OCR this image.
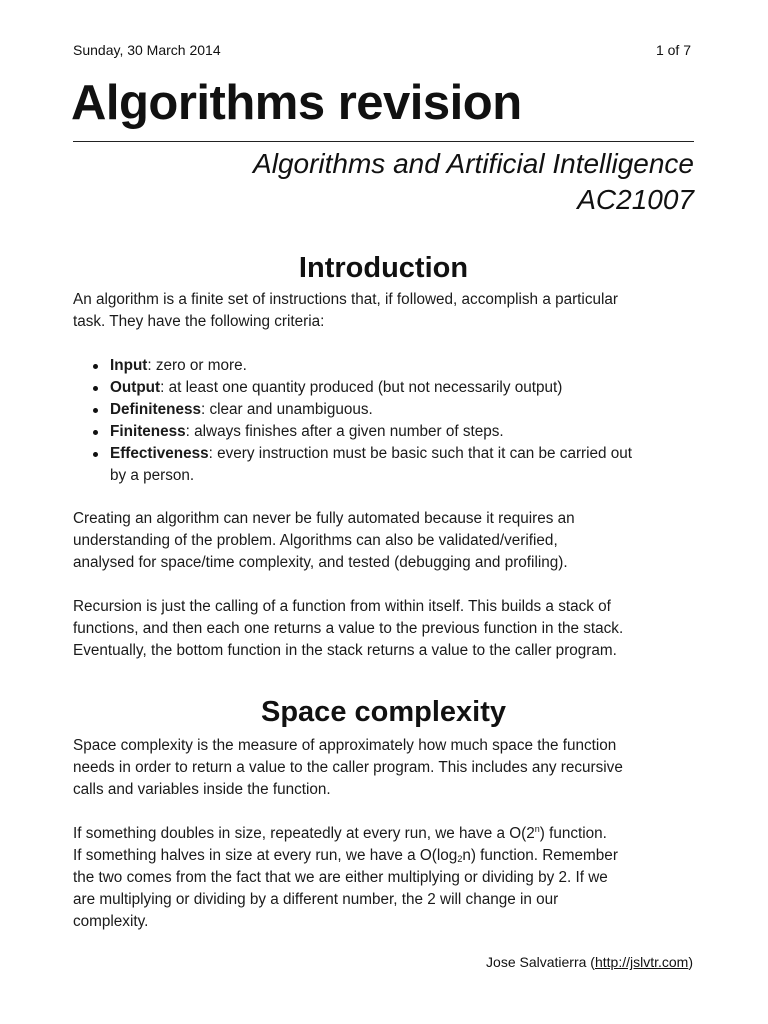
Sunday, 30 March 2014	1 of 7
Algorithms revision
Algorithms and Artificial Intelligence
AC21007
Introduction

An algorithm is a finite set of instructions that, if followed, accomplish a particular
task. They have the following criteria:

Input: zero or more.
Output: at least one quantity produced (but not necessarily output)
Definiteness: clear and unambiguous.
Finiteness: always finishes after a given number of steps.
Effectiveness: every instruction must be basic such that it can be carried out
by a person.

Creating an algorithm can never be fully automated because it requires an
understanding of the problem. Algorithms can also be validated/verified,
analysed for space/time complexity, and tested (debugging and profiling).

Recursion is just the calling of a function from within itself. This builds a stack of
functions, and then each one returns a value to the previous function in the stack.
Eventually, the bottom function in the stack returns a value to the caller program.

Space complexity

Space complexity is the measure of approximately how much space the function
needs in order to return a value to the caller program. This includes any recursive
calls and variables inside the function.

If something doubles in size, repeatedly at every run, we have a O(2$^n$) function.
If something halves in size at every run, we have a $O(\log_2n)$ function. Remember
the two comes from the fact that we are either multiplying or dividing by 2. If we
are multiplying or dividing by a different number, the 2 will change in our
complexity.

Jose Salvatierra (http://jslvtr.com)
